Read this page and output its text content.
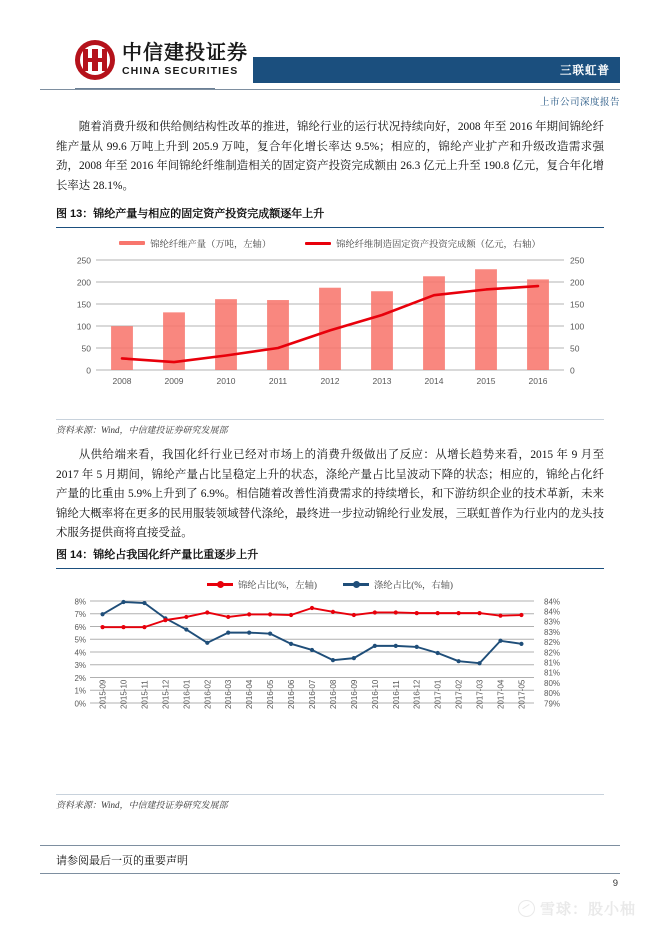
中信建投证券
CHINA SECURITIES	三联虹普
上市公司深度报告
随着消费升级和供给侧结构性改革的推进，锦纶行业的运行状况持续向好，2008 年至 2016 年期间锦纶纤维产量从 99.6 万吨上升到 205.9 万吨，复合年化增长率达 9.5%；相应的，锦纶产业扩产和升级改造需求强劲，2008 年至 2016 年间锦纶纤维制造相关的固定资产投资完成额由 26.3 亿元上升至 190.8 亿元，复合年化增长率达 28.1%。
图 13：锦纶产量与相应的固定资产投资完成额逐年上升
锦纶纤维产量（万吨，左轴）	锦纶纤维制造固定资产投资完成额（亿元，右轴）
0	0
50	50
100	100
150	150
200	200
250	250
2008	2009	2010	2011	2012	2013	2014	2015	2016
资料来源：Wind，中信建投证券研究发展部
从供给端来看，我国化纤行业已经对市场上的消费升级做出了反应：从增长趋势来看，2015 年 9 月至 2017 年 5 月期间，锦纶产量占比呈稳定上升的状态，涤纶产量占比呈波动下降的状态；相应的，锦纶占化纤产量的比重由 5.9%上升到了 6.9%。相信随着改善性消费需求的持续增长，和下游纺织企业的技术革新，未来锦纶大概率将在更多的民用服装领域替代涤纶，最终进一步拉动锦纶行业发展，三联虹普作为行业内的龙头技术服务提供商将直接受益。
图 14：锦纶占我国化纤产量比重逐步上升
锦纶占比(%，左轴)	涤纶占比(%，右轴)
0%
1%
2%
3%
4%
5%
6%
7%
8%
79%
80%
80%
81%
81%
82%
82%
83%
83%
84%
84%
2015-09 2015-10 2015-11 2015-12 2016-01 2016-02 2016-03 2016-04 2016-05 2016-06 2016-07 2016-08 2016-09 2016-10 2016-11 2016-12 2017-01 2017-02 2017-03 2017-04 2017-05
资料来源：Wind，中信建投证券研究发展部
请参阅最后一页的重要声明
9
雪球：股小柚
